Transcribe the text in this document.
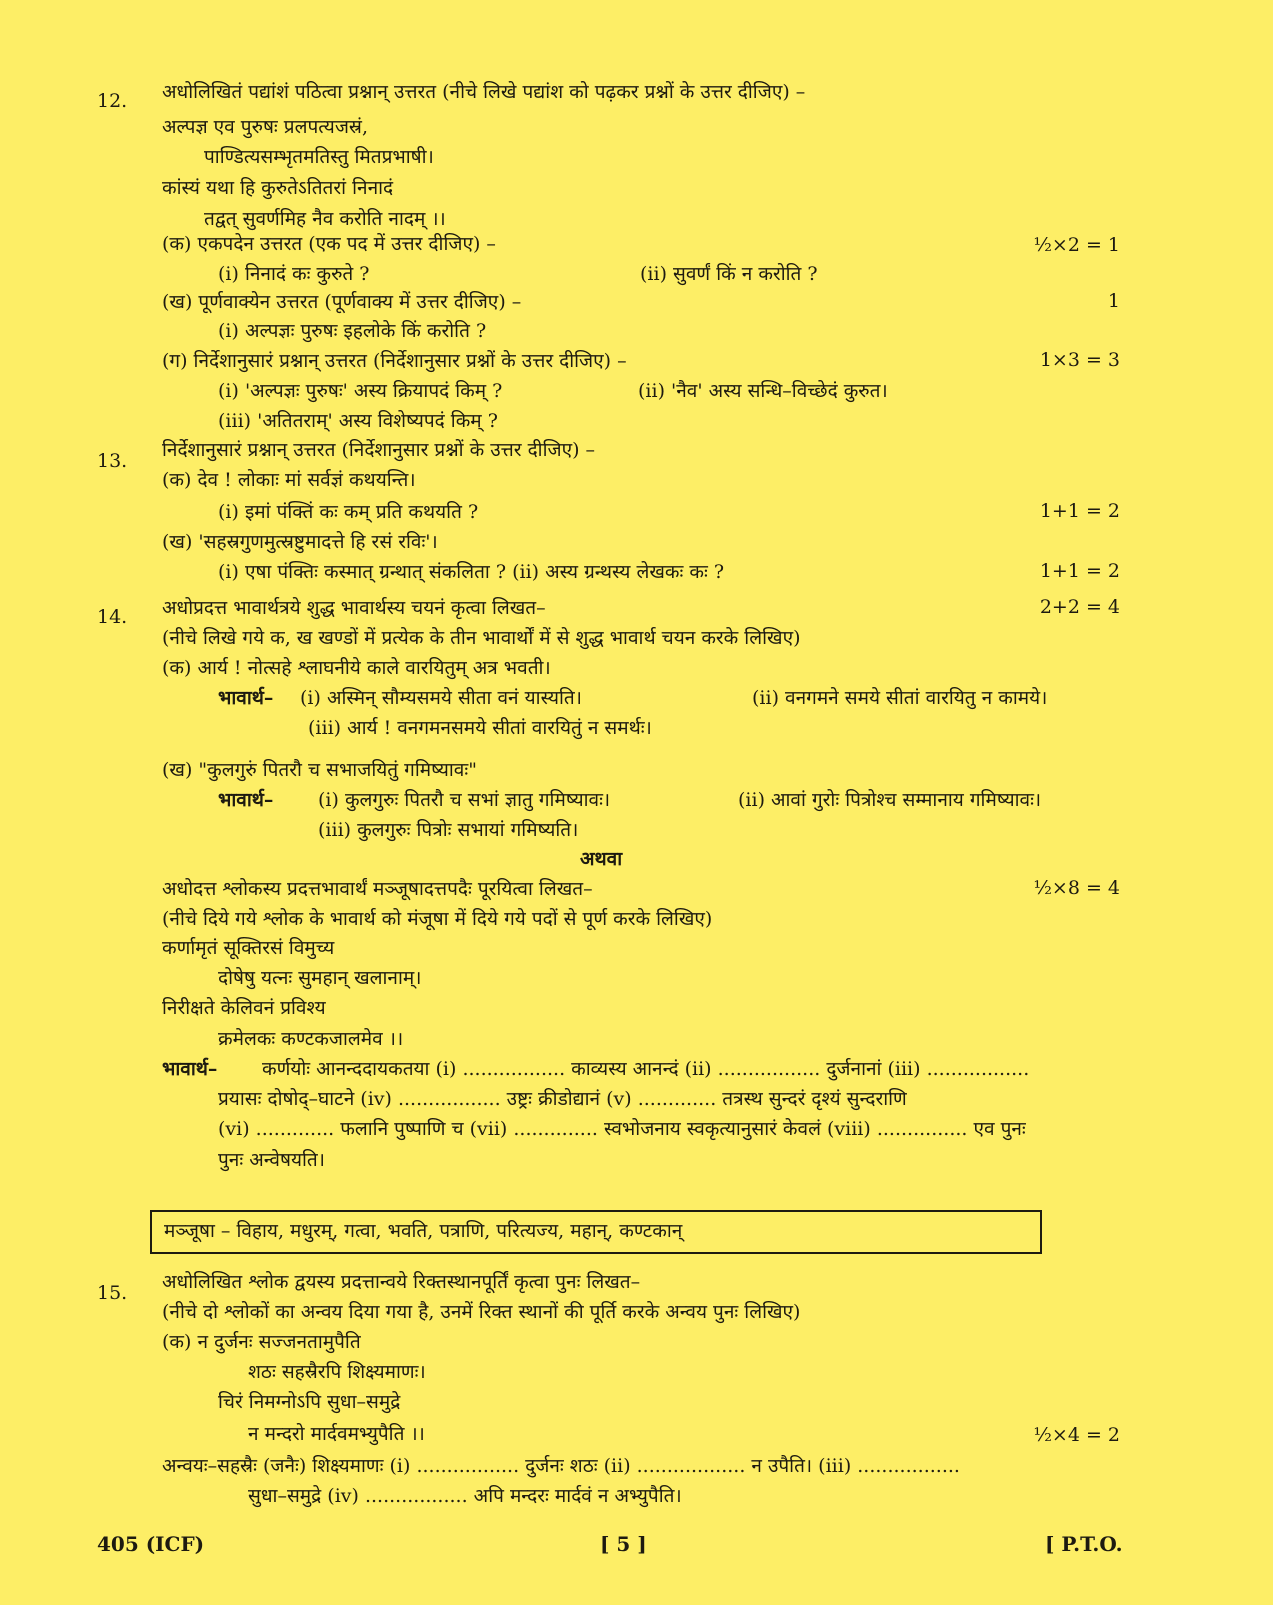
12. अधोलिखितं पद्यांशं पठित्वा प्रश्नान् उत्तरत (नीचे लिखे पद्यांश को पढ़कर प्रश्नों के उत्तर दीजिए) –
अल्पज्ञ एव पुरुषः प्रलपत्यजस्रं,
पाण्डित्यसम्भृतमतिस्तु मितप्रभाषी।
कांस्यं यथा हि कुरुतेऽतितरां निनादं
तद्वत् सुवर्णमिह नैव करोति नादम् ।।
(क) एकपदेन उत्तरत (एक पद में उत्तर दीजिए) –	½×2 = 1
(i) निनादं कः कुरुते ?	(ii) सुवर्णं किं न करोति ?
(ख) पूर्णवाक्येन उत्तरत (पूर्णवाक्य में उत्तर दीजिए) –	1
(i) अल्पज्ञः पुरुषः इहलोके किं करोति ?
(ग) निर्देशानुसारं प्रश्नान् उत्तरत (निर्देशानुसार प्रश्नों के उत्तर दीजिए) –	1×3 = 3
(i) 'अल्पज्ञः पुरुषः' अस्य क्रियापदं किम् ?	(ii) 'नैव' अस्य सन्धि–विच्छेदं कुरुत।
(iii) 'अतितराम्' अस्य विशेष्यपदं किम् ?
13. निर्देशानुसारं प्रश्नान् उत्तरत (निर्देशानुसार प्रश्नों के उत्तर दीजिए) –
(क) देव ! लोकाः मां सर्वज्ञं कथयन्ति।
(i) इमां पंक्तिं कः कम् प्रति कथयति ?	1+1 = 2
(ख) 'सहस्रगुणमुत्स्रष्टुमादत्ते हि रसं रविः'।
(i) एषा पंक्तिः कस्मात् ग्रन्थात् संकलिता ? (ii) अस्य ग्रन्थस्य लेखकः कः ?	1+1 = 2
14. अधोप्रदत्त भावार्थत्रये शुद्ध भावार्थस्य चयनं कृत्वा लिखत–	2+2 = 4
(नीचे लिखे गये क, ख खण्डों में प्रत्येक के तीन भावार्थों में से शुद्ध भावार्थ चयन करके लिखिए)
(क) आर्य ! नोत्सहे श्लाघनीये काले वारयितुम् अत्र भवती।
भावार्थ– (i) अस्मिन् सौम्यसमये सीता वनं यास्यति।	(ii) वनगमने समये सीतां वारयितु न कामये।
(iii) आर्य ! वनगमनसमये सीतां वारयितुं न समर्थः।
(ख) "कुलगुरुं पितरौ च सभाजयितुं गमिष्यावः"
भावार्थ– (i) कुलगुरुः पितरौ च सभां ज्ञातु गमिष्यावः।	(ii) आवां गुरोः पित्रोश्च सम्मानाय गमिष्यावः।
(iii) कुलगुरुः पित्रोः सभायां गमिष्यति।
अथवा
अधोदत्त श्लोकस्य प्रदत्तभावार्थं मञ्जूषादत्तपदैः पूरयित्वा लिखत–	½×8 = 4
(नीचे दिये गये श्लोक के भावार्थ को मंजूषा में दिये गये पदों से पूर्ण करके लिखिए)
कर्णामृतं सूक्तिरसं विमुच्य
दोषेषु यत्नः सुमहान् खलानाम्।
निरीक्षते केलिवनं प्रविश्य
क्रमेलकः कण्टकजालमेव ।।
भावार्थ– कर्णयोः आनन्ददायकतया (i) ................. काव्यस्य आनन्दं (ii) ................. दुर्जनानां (iii) .................
प्रयासः दोषोद्–घाटने (iv) ................. उष्ट्रः क्रीडोद्यानं (v) ............. तत्रस्थ सुन्दरं दृश्यं सुन्दराणि
(vi) ............. फलानि पुष्पाणि च (vii) .............. स्वभोजनाय स्वकृत्यानुसारं केवलं (viii) ............... एव पुनः
पुनः अन्वेषयति।
मञ्जूषा – विहाय, मधुरम्, गत्वा, भवति, पत्राणि, परित्यज्य, महान्, कण्टकान्
15. अधोलिखित श्लोक द्वयस्य प्रदत्तान्वये रिक्तस्थानपूर्तिं कृत्वा पुनः लिखत–
(नीचे दो श्लोकों का अन्वय दिया गया है, उनमें रिक्त स्थानों की पूर्ति करके अन्वय पुनः लिखिए)
(क) न दुर्जनः सज्जनतामुपैति
शठः सहस्रैरपि शिक्ष्यमाणः।
चिरं निमग्नोऽपि सुधा–समुद्रे
न मन्दरो मार्दवमभ्युपैति ।।	½×4 = 2
अन्वयः–सहस्रैः (जनैः) शिक्ष्यमाणः (i) ................. दुर्जनः शठः (ii) .................. न उपैति। (iii) .................
सुधा–समुद्रे (iv) ................. अपि मन्दरः मार्दवं न अभ्युपैति।
405 (ICF)	[ 5 ]	[ P.T.O.
